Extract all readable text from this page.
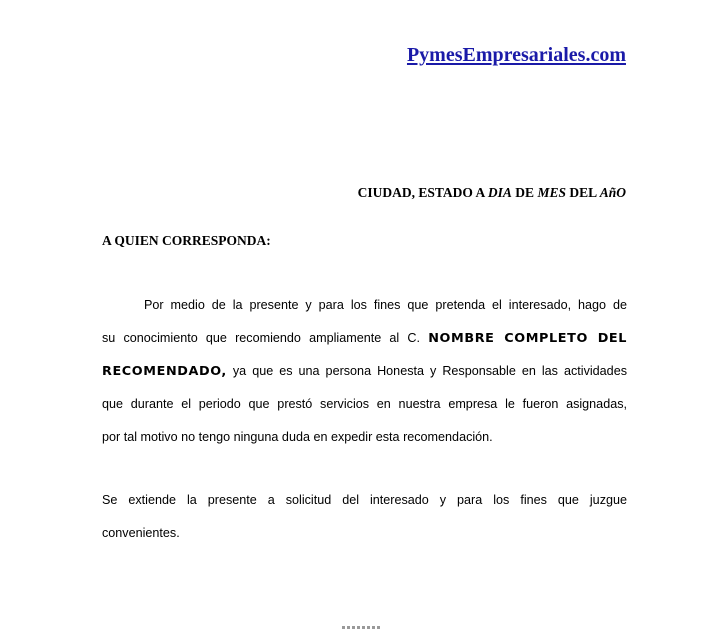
PymesEmpresariales.com
CIUDAD, ESTADO A DIA DE MES DEL AñO
A QUIEN CORRESPONDA:
Por medio de la presente y para los fines que pretenda el interesado, hago de
su conocimiento que recomiendo ampliamente al C. NOMBRE COMPLETO DEL
RECOMENDADO, ya que es una persona Honesta y Responsable en las actividades
que durante el periodo que prestó servicios en nuestra empresa le fueron asignadas,
por tal motivo no tengo ninguna duda en expedir esta recomendación.
Se extiende la presente a solicitud del interesado y para los fines que juzgue
convenientes.
